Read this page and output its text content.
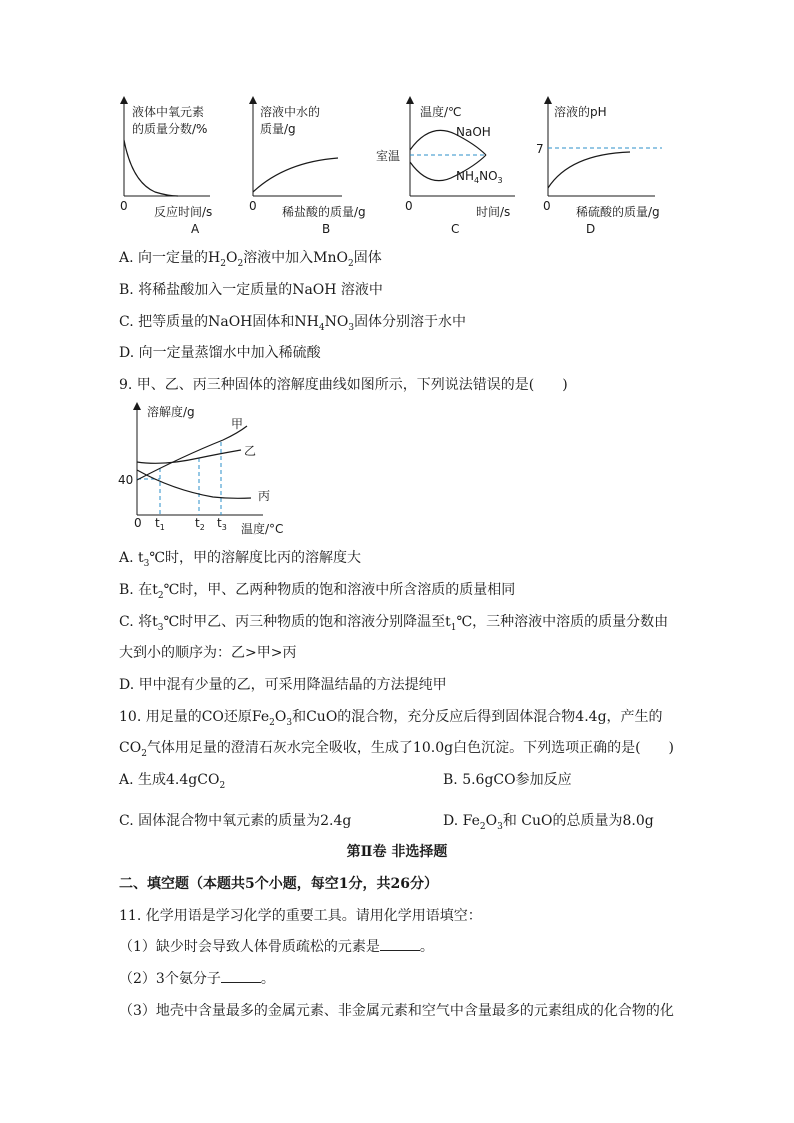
液体中氧元素
的质量分数/%
0 反应时间/s
A
溶液中水的
质量/g
0 稀盐酸的质量/g
B
温度/℃
室温
NaOH
$NH_4NO_3$
0	时间/s
C
溶液的pH
7
0 稀硫酸的质量/g
D
A. 向一定量的$H_2O_2$溶液中加入MnO$_2$固体
B. 将稀盐酸加入一定质量的NaOH 溶液中
C. 把等质量的NaOH固体和$NH_4NO_3$固体分别溶于水中
D. 向一定量蒸馏水中加入稀硫酸
9. 甲、乙、丙三种固体的溶解度曲线如图所示，下列说法错误的是(　　)
溶解度/g
40
0 $t_1$	$t_2$ $t_3$ 温度/°C
甲
乙
丙
A. $t_3℃$时，甲的溶解度比丙的溶解度大
B. 在$t_2℃$时，甲、乙两种物质的饱和溶液中所含溶质的质量相同
C. 将$t_3℃$时甲乙、丙三种物质的饱和溶液分别降温至$t_1℃$，三种溶液中溶质的质量分数由
大到小的顺序为：乙>甲>丙
D. 甲中混有少量的乙，可采用降温结晶的方法提纯甲
10. 用足量的CO还原$Fe_2O_3$和CuO的混合物，充分反应后得到固体混合物4.4g，产生的
$CO_2$气体用足量的澄清石灰水完全吸收，生成了10.0g白色沉淀。下列选项正确的是(　　)
A. 生成4.4gCO$_2$	B. 5.6gCO参加反应
C. 固体混合物中氧元素的质量为2.4g	D. $Fe_2O_3$和 CuO的总质量为8.0g
第Ⅱ卷 非选择题
二、填空题（本题共5个小题，每空1分，共26分）
11. 化学用语是学习化学的重要工具。请用化学用语填空：
（1）缺少时会导致人体骨质疏松的元素是	。
（2）3个氨分子	。
（3）地壳中含量最多的金属元素、非金属元素和空气中含量最多的元素组成的化合物的化
